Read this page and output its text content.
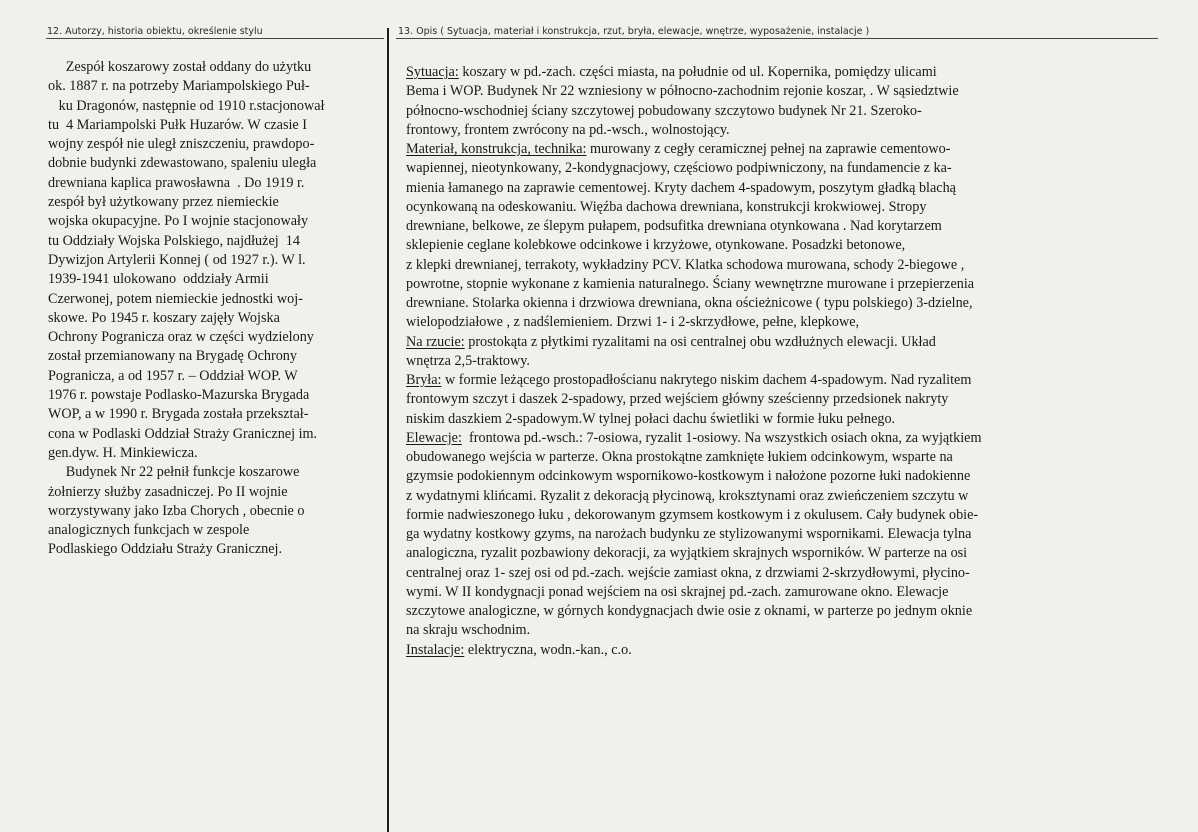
12. Autorzy, historia obiektu, określenie stylu	13. Opis ( Sytuacja, materiał i konstrukcja, rzut, bryła, elewacje, wnętrze, wyposażenie, instalacje )
Zespół koszarowy został oddany do użytku
ok. 1887 r. na potrzeby Mariampolskiego Puł-
ku Dragonów, następnie od 1910 r.stacjonował
tu  4 Mariampolski Pułk Huzarów. W czasie I
wojny zespół nie uległ zniszczeniu, prawdopo-
dobnie budynki zdewastowano, spaleniu uległa
drewniana kaplica prawosławna  . Do 1919 r.
zespół był użytkowany przez niemieckie
wojska okupacyjne. Po I wojnie stacjonowały
tu Oddziały Wojska Polskiego, najdłużej  14
Dywizjon Artylerii Konnej ( od 1927 r.). W l.
1939-1941 ulokowano  oddziały Armii
Czerwonej, potem niemieckie jednostki woj-
skowe. Po 1945 r. koszary zajęły Wojska
Ochrony Pogranicza oraz w części wydzielony
został przemianowany na Brygadę Ochrony
Pogranicza, a od 1957 r. – Oddział WOP. W
1976 r. powstaje Podlasko-Mazurska Brygada
WOP, a w 1990 r. Brygada została przekształ-
cona w Podlaski Oddział Straży Granicznej im.
gen.dyw. H. Minkiewicza.
Budynek Nr 22 pełnił funkcje koszarowe
żołnierzy służby zasadniczej. Po II wojnie
worzystywany jako Izba Chorych , obecnie o
analogicznych funkcjach w zespole
Podlaskiego Oddziału Straży Granicznej.
Sytuacja: koszary w pd.-zach. części miasta, na południe od ul. Kopernika, pomiędzy ulicami
Bema i WOP. Budynek Nr 22 wzniesiony w północno-zachodnim rejonie koszar, . W sąsiedztwie
północno-wschodniej ściany szczytowej pobudowany szczytowo budynek Nr 21. Szeroko-
frontowy, frontem zwrócony na pd.-wsch., wolnostojący.
Materiał, konstrukcja, technika: murowany z cegły ceramicznej pełnej na zaprawie cementowo-
wapiennej, nieotynkowany, 2-kondygnacjowy, częściowo podpiwniczony, na fundamencie z ka-
mienia łamanego na zaprawie cementowej. Kryty dachem 4-spadowym, poszytym gładką blachą
ocynkowaną na odeskowaniu. Więźba dachowa drewniana, konstrukcji krokwiowej. Stropy
drewniane, belkowe, ze ślepym pułapem, podsufitka drewniana otynkowana . Nad korytarzem
sklepienie ceglane kolebkowe odcinkowe i krzyżowe, otynkowane. Posadzki betonowe,
z klepki drewnianej, terrakoty, wykładziny PCV. Klatka schodowa murowana, schody 2-biegowe ,
powrotne, stopnie wykonane z kamienia naturalnego. Ściany wewnętrzne murowane i przepierzenia
drewniane. Stolarka okienna i drzwiowa drewniana, okna ościeżnicowe ( typu polskiego) 3-dzielne,
wielopodziałowe , z nadślemieniem. Drzwi 1- i 2-skrzydłowe, pełne, klepkowe,
Na rzucie: prostokąta z płytkimi ryzalitami na osi centralnej obu wzdłużnych elewacji. Układ
wnętrza 2,5-traktowy.
Bryła: w formie leżącego prostopadłościanu nakrytego niskim dachem 4-spadowym. Nad ryzalitem
frontowym szczyt i daszek 2-spadowy, przed wejściem główny sześcienny przedsionek nakryty
niskim daszkiem 2-spadowym.W tylnej połaci dachu świetliki w formie łuku pełnego.
Elewacje:  frontowa pd.-wsch.: 7-osiowa, ryzalit 1-osiowy. Na wszystkich osiach okna, za wyjątkiem
obudowanego wejścia w parterze. Okna prostokątne zamknięte łukiem odcinkowym, wsparte na
gzymsie podokiennym odcinkowym wspornikowo-kostkowym i nałożone pozorne łuki nadokienne
z wydatnymi klińcami. Ryzalit z dekoracją płycinową, kroksztynami oraz zwieńczeniem szczytu w
formie nadwieszonego łuku , dekorowanym gzymsem kostkowym i z okulusem. Cały budynek obie-
ga wydatny kostkowy gzyms, na narożach budynku ze stylizowanymi wspornikami. Elewacja tylna
analogiczna, ryzalit pozbawiony dekoracji, za wyjątkiem skrajnych wsporników. W parterze na osi
centralnej oraz 1- szej osi od pd.-zach. wejście zamiast okna, z drzwiami 2-skrzydłowymi, płycino-
wymi. W II kondygnacji ponad wejściem na osi skrajnej pd.-zach. zamurowane okno. Elewacje
szczytowe analogiczne, w górnych kondygnacjach dwie osie z oknami, w parterze po jednym oknie
na skraju wschodnim.
Instalacje: elektryczna, wodn.-kan., c.o.
